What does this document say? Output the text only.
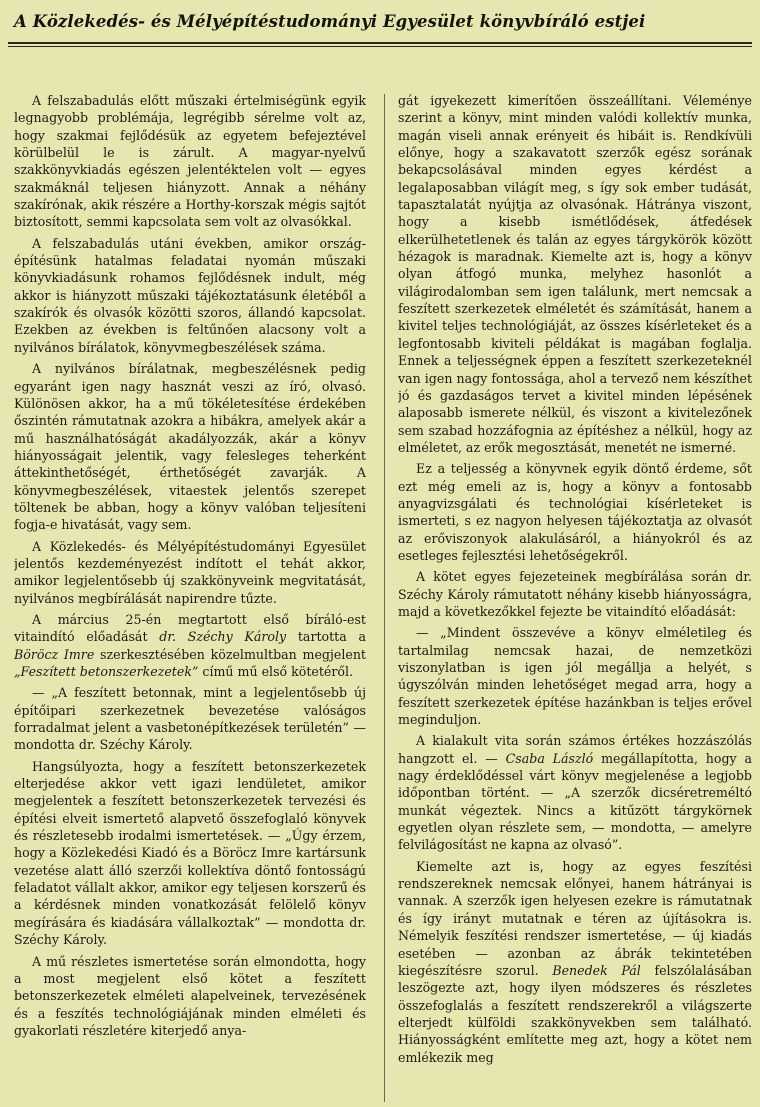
A Közlekedés- és Mélyépítéstudományi Egyesület könyvbíráló estjei

A felszabadulás előtt műszaki értelmiségünk egyik legnagyobb problémája, legrégibb sérelme volt az, hogy szakmai fejlődésük az egyetem befejeztével körülbelül le is zárult. A magyar-nyelvű szakkönyvkiadás egészen jelentéktelen volt — egyes szakmáknál teljesen hiányzott. Annak a néhány szakírónak, akik részére a Horthy-korszak mégis sajtót biztosított, semmi kapcsolata sem volt az olvasókkal.

A felszabadulás utáni években, amikor ország-építésünk hatalmas feladatai nyomán műszaki könyvkiadásunk rohamos fejlődésnek indult, még akkor is hiányzott műszaki tájékoztatásunk életéből a szakírók és olvasók közötti szoros, állandó kapcsolat. Ezekben az években is feltűnően alacsony volt a nyilvános bírálatok, könyvmegbeszélések száma.

A nyilvános bírálatnak, megbeszélésnek pedig egyaránt igen nagy hasznát veszi az író, olvasó. Különösen akkor, ha a mű tökéletesítése érdekében őszintén rámutatnak azokra a hibákra, amelyek akár a mű használhatóságát akadályozzák, akár a könyv hiányosságait jelentik, vagy felesleges teherként áttekinthetőségét, érthetőségét zavarják. A könyvmegbeszélések, vitaestek jelentős szerepet töltenek be abban, hogy a könyv valóban teljesíteni fogja-e hivatását, vagy sem.

A Közlekedés- és Mélyépítéstudományi Egyesület jelentős kezdeményezést indított el tehát akkor, amikor legjelentősebb új szakkönyveink megvitatását, nyilvános megbírálását napirendre tűzte.

A március 25-én megtartott első bíráló-est vitaindító előadását dr. Széchy Károly tartotta a Böröcz Imre szerkesztésében közelmultban megjelent „Feszített betonszerkezetek” című mű első kötetéről.

— „A feszített betonnak, mint a legjelentősebb új építőipari szerkezetnek bevezetése valóságos forradalmat jelent a vasbetonépítkezések területén” — mondotta dr. Széchy Károly.

Hangsúlyozta, hogy a feszített betonszerkezetek elterjedése akkor vett igazi lendületet, amikor megjelentek a feszített betonszerkezetek tervezési és építési elveit ismertető alapvető összefoglaló könyvek és részletesebb irodalmi ismertetések. — „Úgy érzem, hogy a Közlekedési Kiadó és a Böröcz Imre kartársunk vezetése alatt álló szerzői kollektíva döntő fontosságú feladatot vállalt akkor, amikor egy teljesen korszerű és a kérdésnek minden vonatkozását felölelő könyv megírására és kiadására vállalkoztak” — mondotta dr. Széchy Károly.

A mű részletes ismertetése során elmondotta, hogy a most megjelent első kötet a feszített betonszerkezetek elméleti alapelveinek, tervezésének és a feszítés technológiájának minden elméleti és gyakorlati részletére kiterjedő anya-

gát igyekezett kimerítően összeállítani. Véleménye szerint a könyv, mint minden valódi kollektív munka, magán viseli annak erényeit és hibáit is. Rendkívüli előnye, hogy a szakavatott szerzők egész sorának bekapcsolásával minden egyes kérdést a legalaposabban világít meg, s így sok ember tudását, tapasztalatát nyújtja az olvasónak. Hátránya viszont, hogy a kisebb ismétlődések, átfedések elkerülhetetlenek és talán az egyes tárgykörök között hézagok is maradnak. Kiemelte azt is, hogy a könyv olyan átfogó munka, melyhez hasonlót a világirodalomban sem igen találunk, mert nemcsak a feszített szerkezetek elméletét és számítását, hanem a kivitel teljes technológiáját, az összes kísérleteket és a legfontosabb kiviteli példákat is magában foglalja. Ennek a teljességnek éppen a feszített szerkezeteknél van igen nagy fontossága, ahol a tervező nem készíthet jó és gazdaságos tervet a kivitel minden lépésének alaposabb ismerete nélkül, és viszont a kivitelezőnek sem szabad hozzáfognia az építéshez a nélkül, hogy az elméletet, az erők megosztását, menetét ne ismerné.

Ez a teljesség a könyvnek egyik döntő érdeme, sőt ezt még emeli az is, hogy a könyv a fontosabb anyagvizsgálati és technológiai kísérleteket is ismerteti, s ez nagyon helyesen tájékoztatja az olvasót az erőviszonyok alakulásáról, a hiányokról és az esetleges fejlesztési lehetőségekről.

A kötet egyes fejezeteinek megbírálása során dr. Széchy Károly rámutatott néhány kisebb hiányosságra, majd a következőkkel fejezte be vitaindító előadását:

— „Mindent összevéve a könyv elméletileg és tartalmilag nemcsak hazai, de nemzetközi viszonylatban is igen jól megállja a helyét, s úgyszólván minden lehetőséget megad arra, hogy a feszített szerkezetek építése hazánkban is teljes erővel meginduljon.

A kialakult vita során számos értékes hozzászólás hangzott el. — Csaba László megállapította, hogy a nagy érdeklődéssel várt könyv megjelenése a legjobb időpontban történt. — „A szerzők dicséretreméltó munkát végeztek. Nincs a kitűzött tárgykörnek egyetlen olyan részlete sem, — mondotta, — amelyre felvilágosítást ne kapna az olvasó”.

Kiemelte azt is, hogy az egyes feszítési rendszereknek nemcsak előnyei, hanem hátrányai is vannak. A szerzők igen helyesen ezekre is rámutatnak és így irányt mutatnak e téren az újításokra is. Némelyik feszítési rendszer ismertetése, — új kiadás esetében — azonban az ábrák tekintetében kiegészítésre szorul. Benedek Pál felszólalásában leszögezte azt, hogy ilyen módszeres és részletes összefoglalás a feszített rendszerekről a világszerte elterjedt külföldi szakkönyvekben sem található. Hiányosságként említette meg azt, hogy a kötet nem emlékezik meg
